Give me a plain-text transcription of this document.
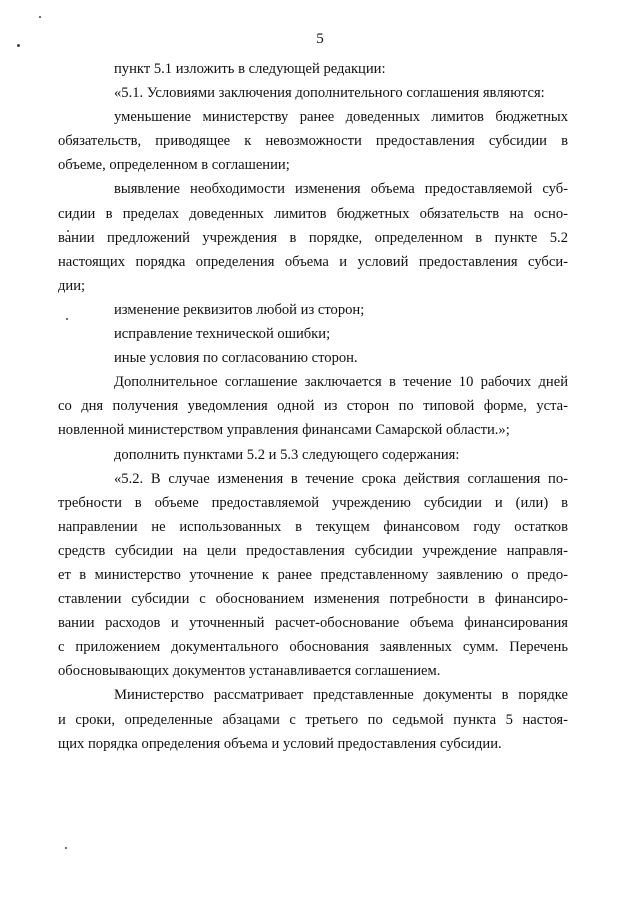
5
пункт 5.1 изложить в следующей редакции:
«5.1. Условиями заключения дополнительного соглашения являются:
уменьшение министерству ранее доведенных лимитов бюджетных
обязательств, приводящее к невозможности предоставления субсидии в
объеме, определенном в соглашении;
выявление необходимости изменения объема предоставляемой суб-
сидии в пределах доведенных лимитов бюджетных обязательств на осно-
вании предложений учреждения в порядке, определенном в пункте 5.2
настоящих порядка определения объема и условий предоставления субси-
дии;
изменение реквизитов любой из сторон;
исправление технической ошибки;
иные условия по согласованию сторон.
Дополнительное соглашение заключается в течение 10 рабочих дней
со дня получения уведомления одной из сторон по типовой форме, уста-
новленной министерством управления финансами Самарской области.»;
дополнить пунктами 5.2 и 5.3 следующего содержания:
«5.2. В случае изменения в течение срока действия соглашения по-
требности в объеме предоставляемой учреждению субсидии и (или) в
направлении не использованных в текущем финансовом году остатков
средств субсидии на цели предоставления субсидии учреждение направля-
ет в министерство уточнение к ранее представленному заявлению о предо-
ставлении субсидии с обоснованием изменения потребности в финансиро-
вании расходов и уточненный расчет-обоснование объема финансирования
с приложением документального обоснования заявленных сумм. Перечень
обосновывающих документов устанавливается соглашением.
Министерство рассматривает представленные документы в порядке
и сроки, определенные абзацами с третьего по седьмой пункта 5 настоя-
щих порядка определения объема и условий предоставления субсидии.
